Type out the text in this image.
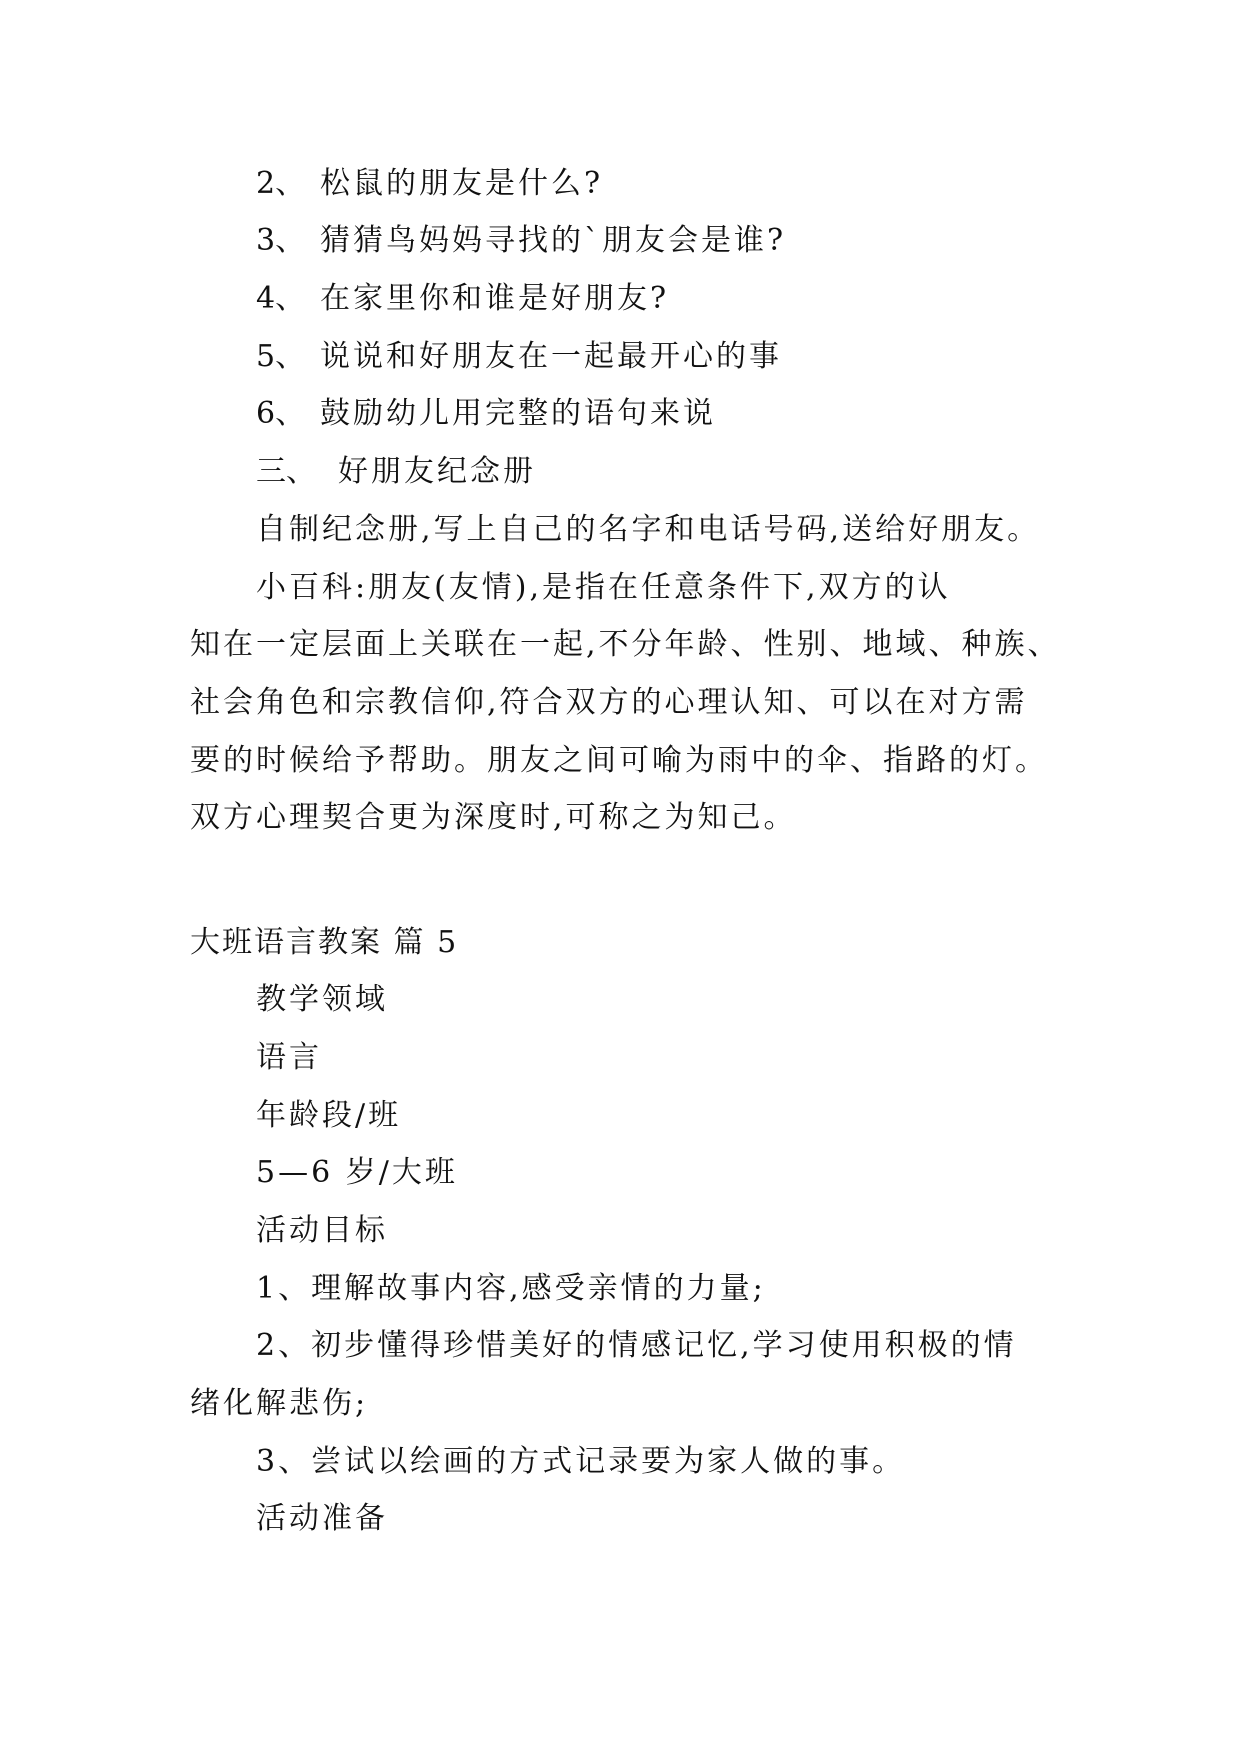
2、 松鼠的朋友是什么?
3、 猜猜鸟妈妈寻找的`朋友会是谁?
4、 在家里你和谁是好朋友?
5、 说说和好朋友在一起最开心的事
6、 鼓励幼儿用完整的语句来说
三、 好朋友纪念册
自制纪念册,写上自己的名字和电话号码,送给好朋友。
小百科:朋友(友情),是指在任意条件下,双方的认
知在一定层面上关联在一起,不分年龄、性别、地域、种族、
社会角色和宗教信仰,符合双方的心理认知、可以在对方需
要的时候给予帮助。朋友之间可喻为雨中的伞、指路的灯。
双方心理契合更为深度时,可称之为知己。
大班语言教案 篇 5
教学领域
语言
年龄段/班
5—6 岁/大班
活动目标
1、理解故事内容,感受亲情的力量;
2、初步懂得珍惜美好的情感记忆,学习使用积极的情
绪化解悲伤;
3、尝试以绘画的方式记录要为家人做的事。
活动准备
